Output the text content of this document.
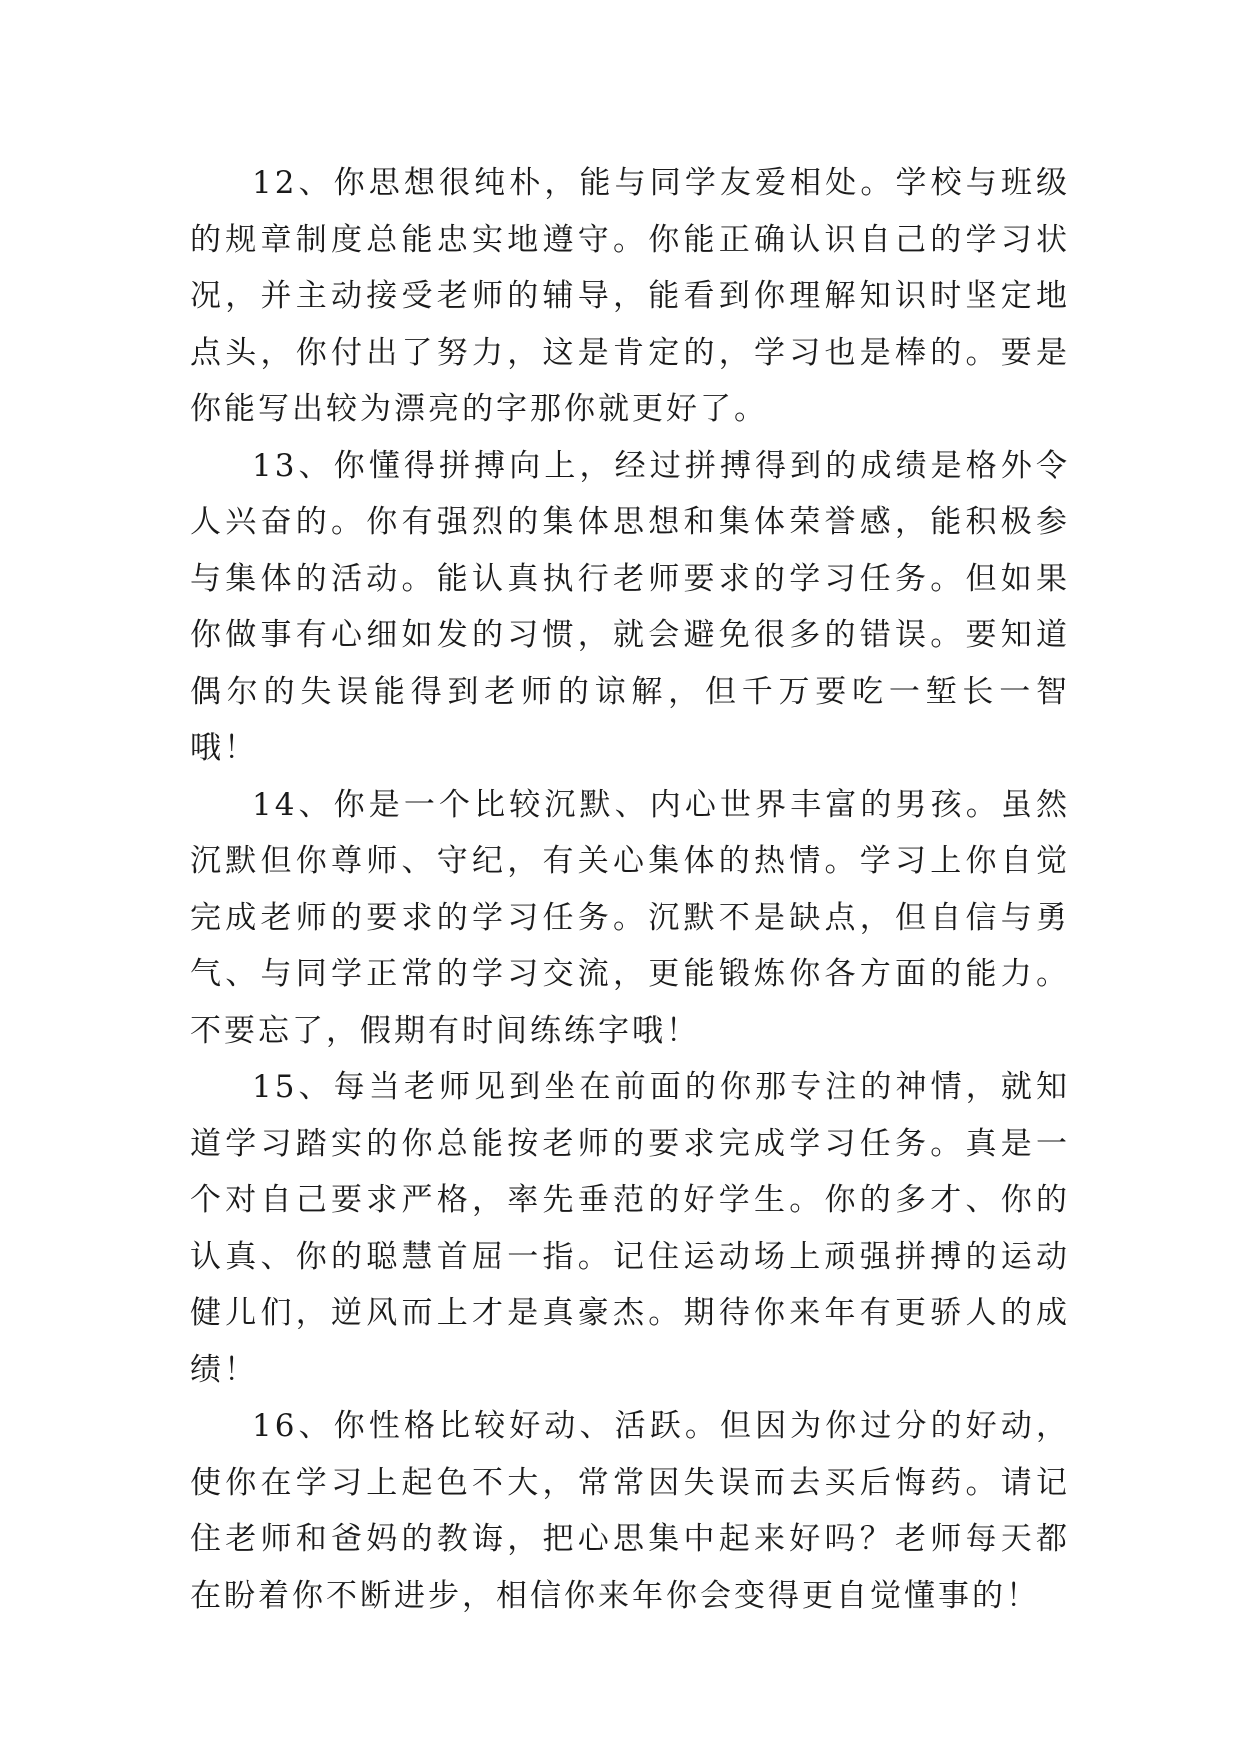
12、你思想很纯朴，能与同学友爱相处。学校与班级的规章制度总能忠实地遵守。你能正确认识自己的学习状况，并主动接受老师的辅导，能看到你理解知识时坚定地点头，你付出了努力，这是肯定的，学习也是棒的。要是你能写出较为漂亮的字那你就更好了。

13、你懂得拼搏向上，经过拼搏得到的成绩是格外令人兴奋的。你有强烈的集体思想和集体荣誉感，能积极参与集体的活动。能认真执行老师要求的学习任务。但如果你做事有心细如发的习惯，就会避免很多的错误。要知道偶尔的失误能得到老师的谅解，但千万要吃一堑长一智哦！

14、你是一个比较沉默、内心世界丰富的男孩。虽然沉默但你尊师、守纪，有关心集体的热情。学习上你自觉完成老师的要求的学习任务。沉默不是缺点，但自信与勇气、与同学正常的学习交流，更能锻炼你各方面的能力。不要忘了，假期有时间练练字哦！

15、每当老师见到坐在前面的你那专注的神情，就知道学习踏实的你总能按老师的要求完成学习任务。真是一个对自己要求严格，率先垂范的好学生。你的多才、你的认真、你的聪慧首屈一指。记住运动场上顽强拼搏的运动健儿们，逆风而上才是真豪杰。期待你来年有更骄人的成绩！

16、你性格比较好动、活跃。但因为你过分的好动，使你在学习上起色不大，常常因失误而去买后悔药。请记住老师和爸妈的教诲，把心思集中起来好吗？老师每天都在盼着你不断进步，相信你来年你会变得更自觉懂事的！
